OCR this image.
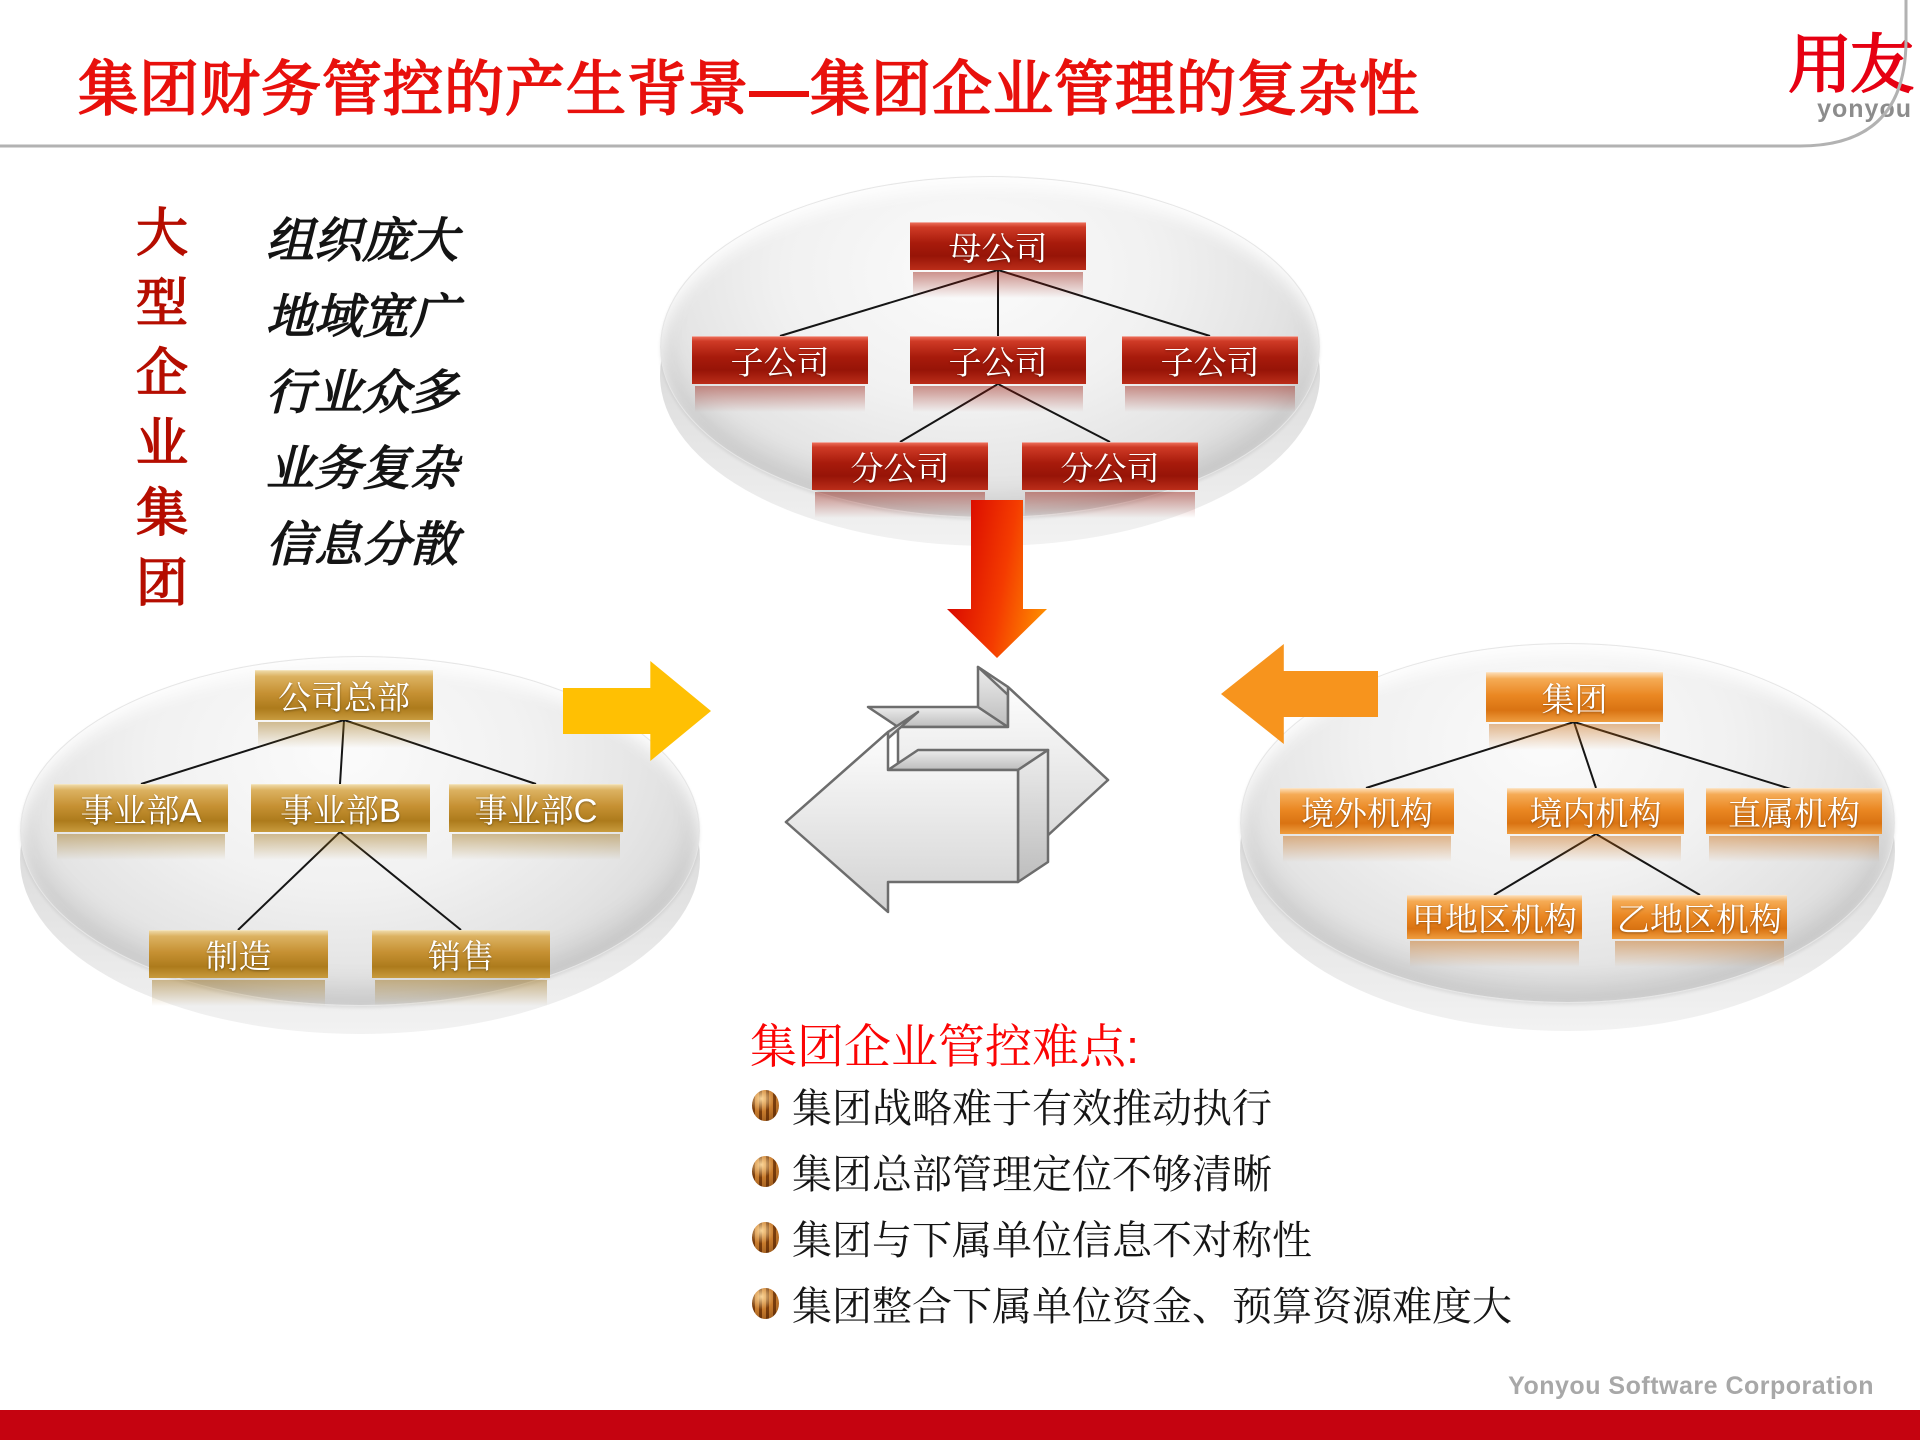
集团财务管控的产生背景—集团企业管理的复杂性	用友
yonyou
大
型
企
业
集
团
组织庞大
地域宽广
行业众多
业务复杂
信息分散
母公司
子公司	子公司	子公司
分公司	分公司
公司总部
事业部A	事业部B	事业部C
制造	销售
集团
境外机构	境内机构	直属机构
甲地区机构 乙地区机构
集团企业管控难点:
集团战略难于有效推动执行
集团总部管理定位不够清晰
集团与下属单位信息不对称性
集团整合下属单位资金、预算资源难度大
Yonyou Software Corporation
